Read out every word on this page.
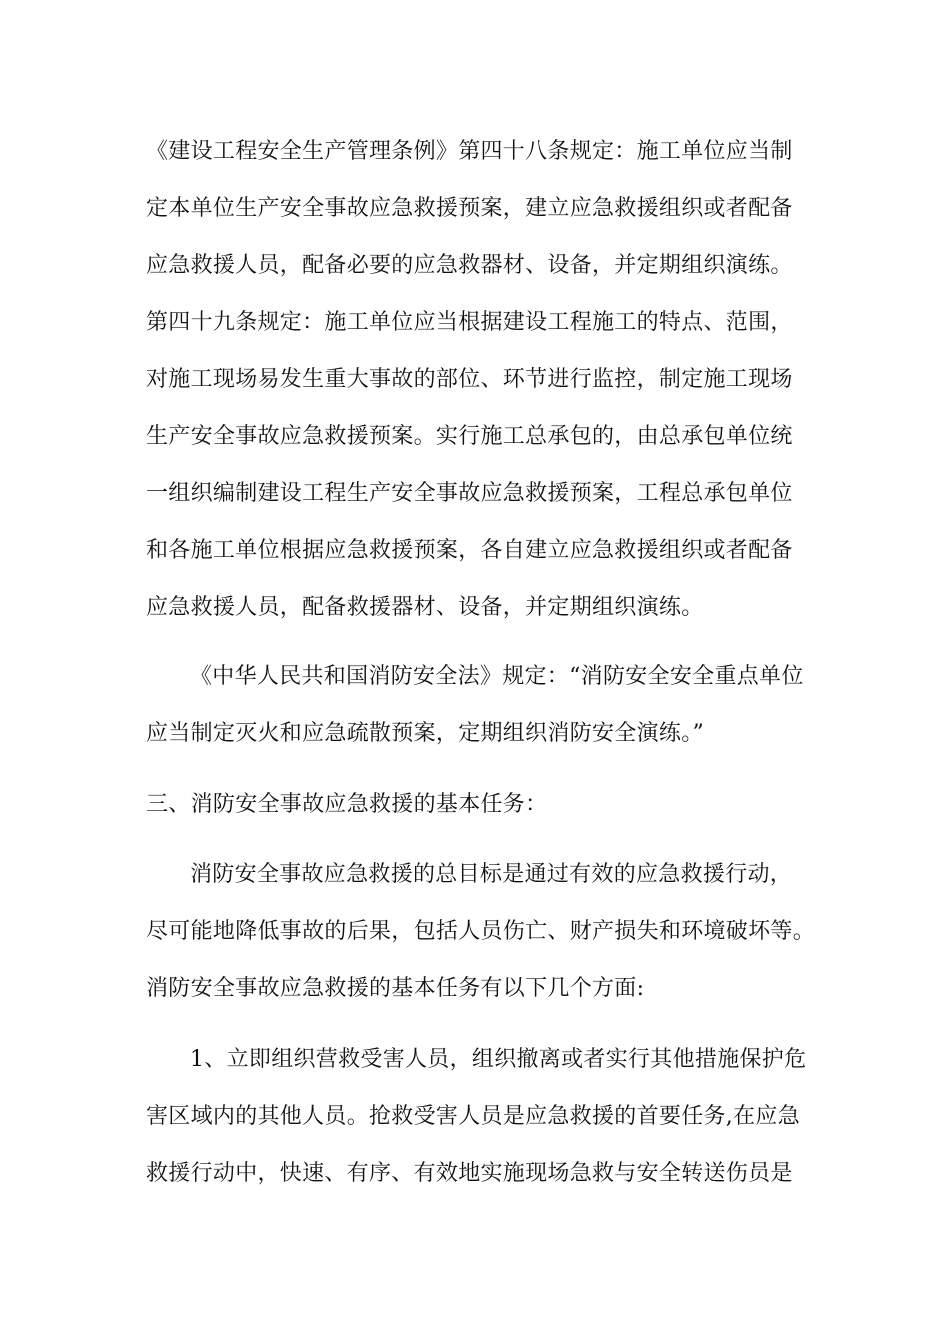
《建设工程安全生产管理条例》第四十八条规定：施工单位应当制
定本单位生产安全事故应急救援预案，建立应急救援组织或者配备
应急救援人员，配备必要的应急救器材、设备，并定期组织演练。
第四十九条规定：施工单位应当根据建设工程施工的特点、范围，
对施工现场易发生重大事故的部位、环节进行监控，制定施工现场
生产安全事故应急救援预案。实行施工总承包的，由总承包单位统
一组织编制建设工程生产安全事故应急救援预案，工程总承包单位
和各施工单位根据应急救援预案，各自建立应急救援组织或者配备
应急救援人员，配备救援器材、设备，并定期组织演练。
《中华人民共和国消防安全法》规定：“消防安全安全重点单位
应当制定灭火和应急疏散预案，定期组织消防安全演练。”
三、消防安全事故应急救援的基本任务：
消防安全事故应急救援的总目标是通过有效的应急救援行动，
尽可能地降低事故的后果，包括人员伤亡、财产损失和环境破坏等。
消防安全事故应急救援的基本任务有以下几个方面:
1、立即组织营救受害人员，组织撤离或者实行其他措施保护危
害区域内的其他人员。抢救受害人员是应急救援的首要任务,在应急
救援行动中，快速、有序、有效地实施现场急救与安全转送伤员是
